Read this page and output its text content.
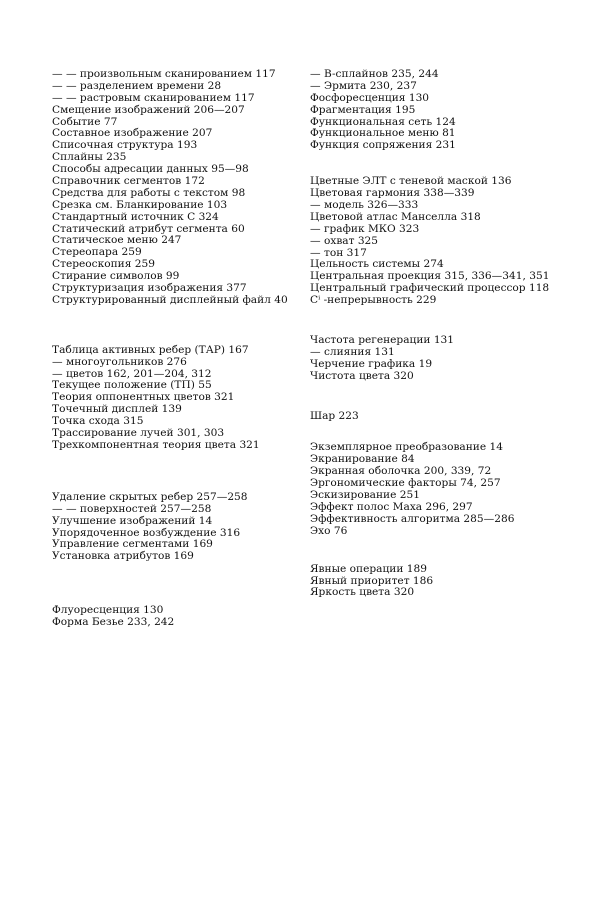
— — произвольным сканированием 117
— — разделением времени 28
— — растровым сканированием 117
Смещение изображений 206—207
Событие 77
Составное изображение 207
Списочная структура 193
Сплайны 235
Способы адресации данных 95—98
Справочник сегментов 172
Средства для работы с текстом 98
Срезка см. Бланкирование 103
Стандартный источник C 324
Статический атрибут сегмента 60
Статическое меню 247
Стереопара 259
Стереоскопия 259
Стирание символов 99
Структуризация изображения 377
Структурированный дисплейный файл 40
Таблица активных ребер (ТАР) 167
— многоугольников 276
— цветов 162, 201—204, 312
Текущее положение (ТП) 55
Теория оппонентных цветов 321
Точечный дисплей 139
Точка схода 315
Трассирование лучей 301, 303
Трехкомпонентная теория цвета 321
Удаление скрытых ребер 257—258
— — поверхностей 257—258
Улучшение изображений 14
Упорядоченное возбуждение 316
Управление сегментами 169
Установка атрибутов 169
Флуоресценция 130
Форма Безье 233, 242
— B-сплайнов 235, 244
— Эрмита 230, 237
Фосфоресценция 130
Фрагментация 195
Функциональная сеть 124
Функциональное меню 81
Функция сопряжения 231
Цветные ЭЛТ с теневой маской 136
Цветовая гармония 338—339
— модель 326—333
Цветовой атлас Манселла 318
— график МКО 323
— охват 325
— тон 317
Цельность системы 274
Центральная проекция 315, 336—341, 351
Центральный графический процессор 118
Cⁱ -непрерывность 229
Частота регенерации 131
— слияния 131
Черчение графика 19
Чистота цвета 320
Шар 223
Экземплярное преобразование 14
Экранирование 84
Экранная оболочка 200, 339, 72
Эргономические факторы 74, 257
Эскизирование 251
Эффект полос Маха 296, 297
Эффективность алгоритма 285—286
Эхо 76
Явные операции 189
Явный приоритет 186
Яркость цвета 320
